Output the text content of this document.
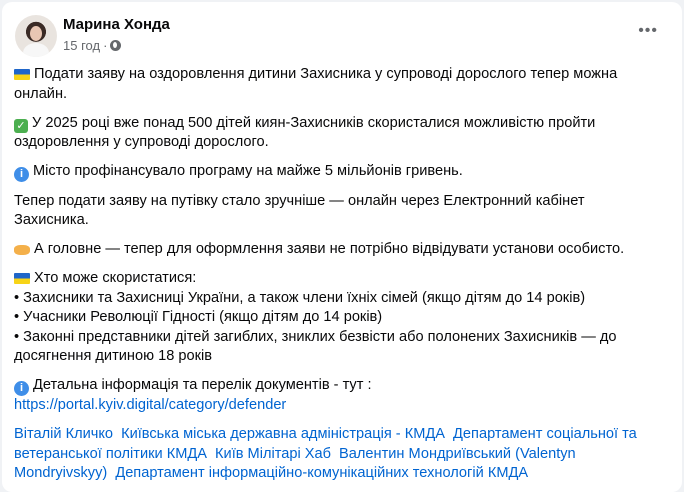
Марина Хонда
15 год ·
•••
Подати заяву на оздоровлення дитини Захисника у супроводі дорослого тепер можна
онлайн.
✓ У 2025 році вже понад 500 дітей киян-Захисників скористалися можливістю пройти
оздоровлення у супроводі дорослого.
i Місто профінансувало програму на майже 5 мільйонів гривень.
Тепер подати заяву на путівку стало зручніше — онлайн через Електронний кабінет
Захисника.
А головне — тепер для оформлення заяви не потрібно відвідувати установи особисто.
Хто може скористатися:
• Захисники та Захисниці України, а також члени їхніх сімей (якщо дітям до 14 років)
• Учасники Революції Гідності (якщо дітям до 14 років)
• Законні представники дітей загиблих, зниклих безвісти або полонених Захисників — до
досягнення дитиною 18 років
i Детальна інформація та перелік документів - тут :
https://portal.kyiv.digital/category/defender
Віталій Кличко Київська міська державна адміністрація - КМДА Департамент соціальної та ветеранської політики КМДА Київ Мілітарі Хаб Валентин Мондриївський (Valentyn Mondryivskyy) Департамент інформаційно-комунікаційних технологій КМДА
